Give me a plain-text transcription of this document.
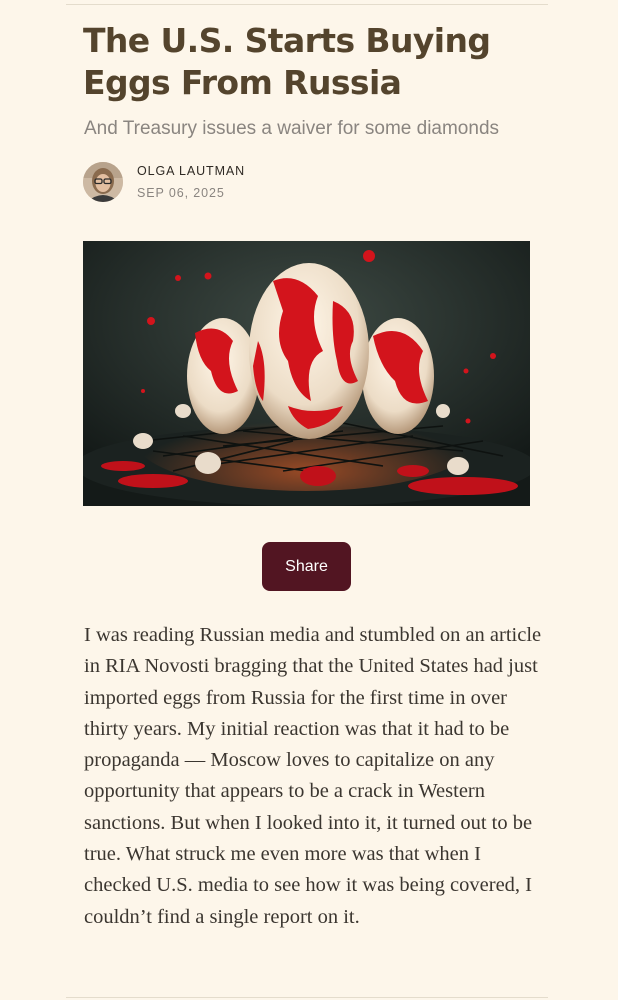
The U.S. Starts Buying Eggs From Russia
And Treasury issues a waiver for some diamonds
OLGA LAUTMAN
SEP 06, 2025
Share

I was reading Russian media and stumbled on an article in RIA Novosti bragging that the United States had just imported eggs from Russia for the first time in over thirty years. My initial reaction was that it had to be propaganda — Moscow loves to capitalize on any opportunity that appears to be a crack in Western sanctions. But when I looked into it, it turned out to be true. What struck me even more was that when I checked U.S. media to see how it was being covered, I couldn’t find a single report on it.
